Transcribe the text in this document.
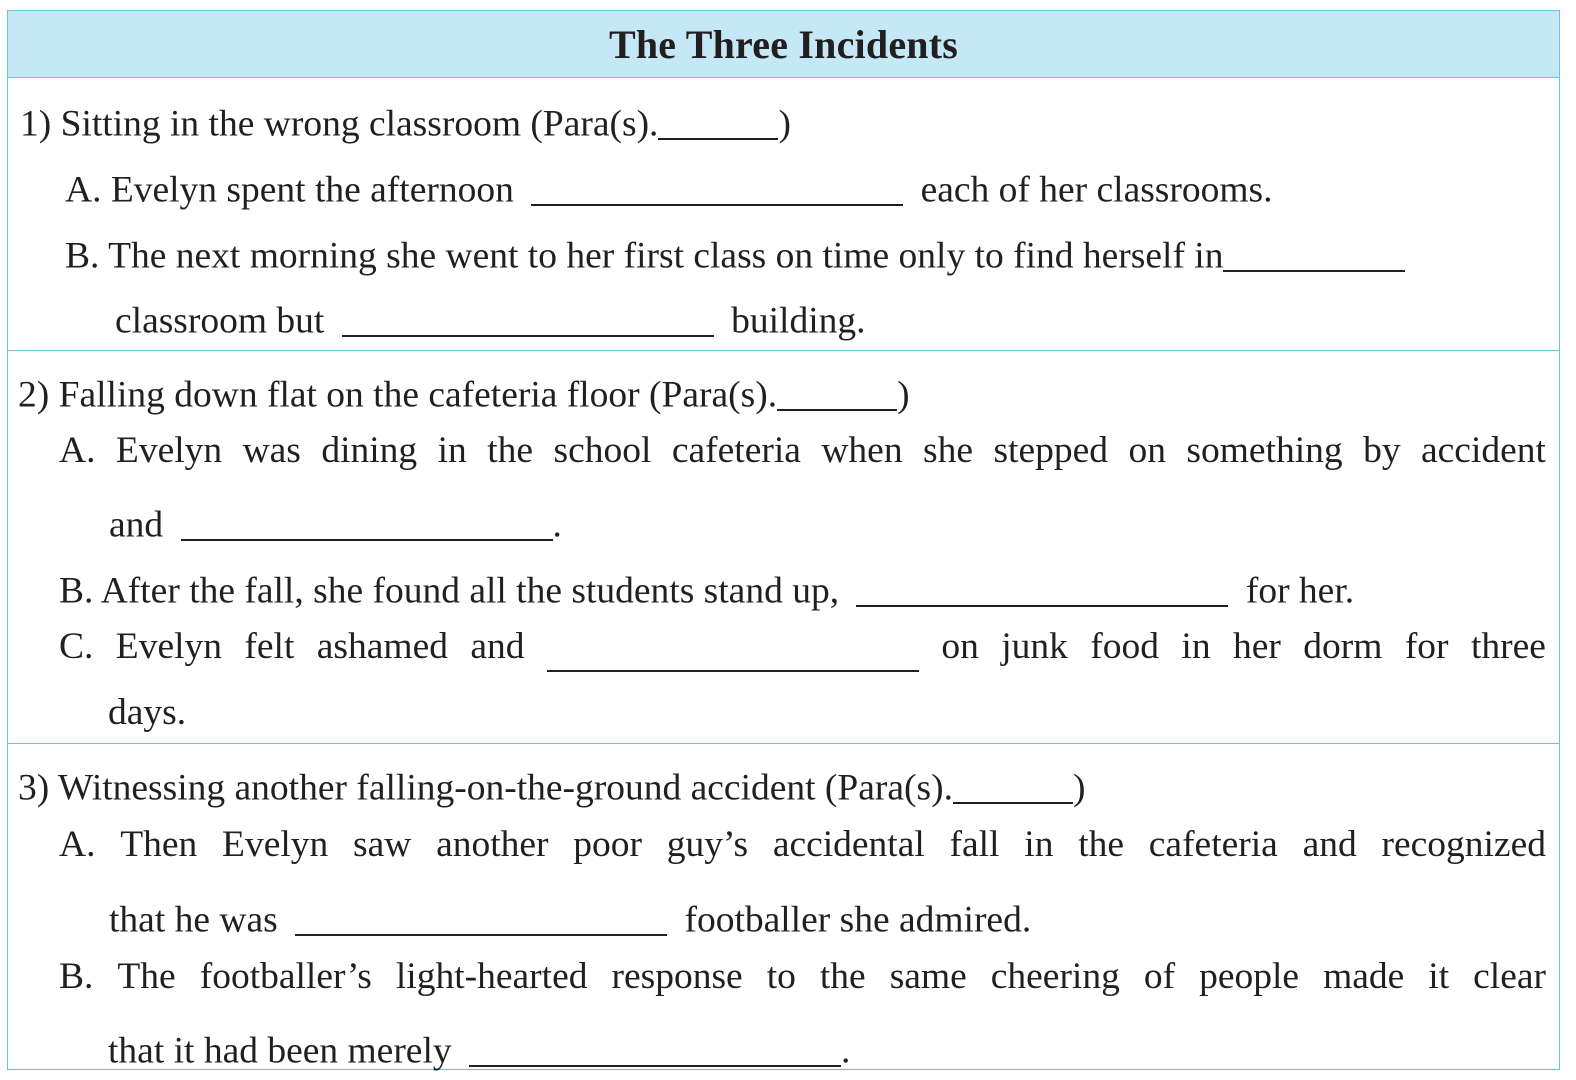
The Three Incidents
1) Sitting in the wrong classroom (Para(s).	)
A. Evelyn spent the afternoon	each of her classrooms.
B. The next morning she went to her first class on time only to find herself in
classroom but	building.
2) Falling down flat on the cafeteria floor (Para(s).	)
A. Evelyn was dining in the school cafeteria when she stepped on something by accident
and	.
B. After the fall, she found all the students stand up,	for her.
C. Evelyn felt ashamed and	on junk food in her dorm for three
days.
3) Witnessing another falling-on-the-ground accident (Para(s).	)
A. Then Evelyn saw another poor guy’s accidental fall in the cafeteria and recognized
that he was	footballer she admired.
B. The footballer’s light-hearted response to the same cheering of people made it clear
that it had been merely	.
